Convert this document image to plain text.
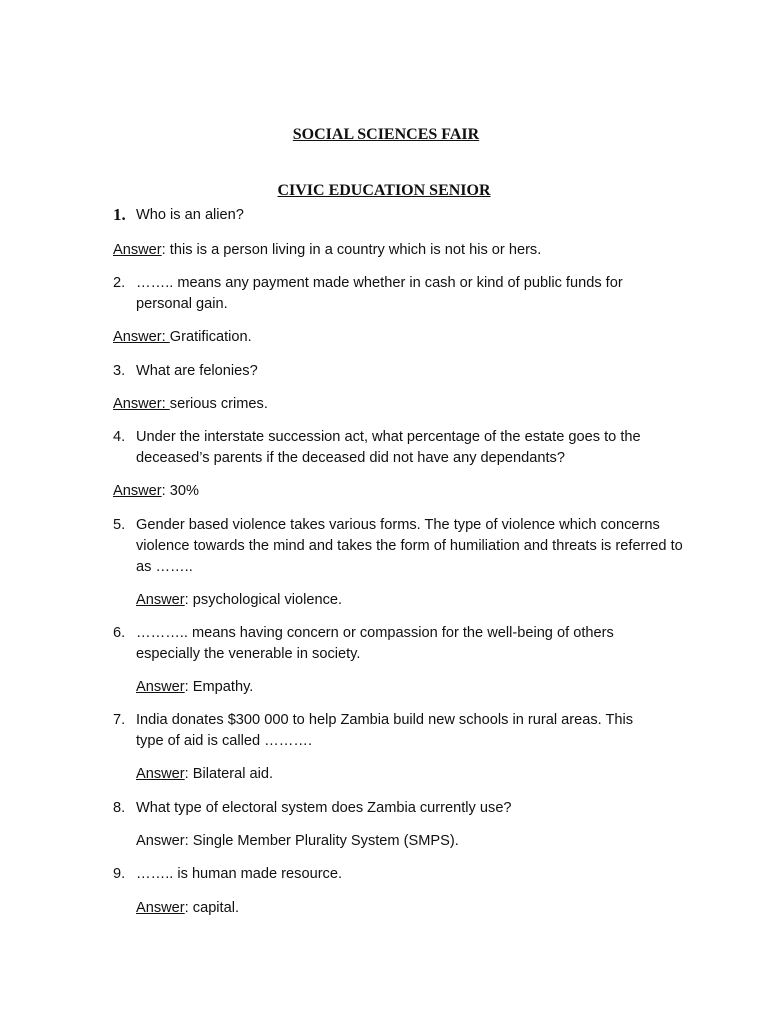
SOCIAL SCIENCES FAIR
CIVIC EDUCATION SENIOR
1. Who is an alien?
Answer: this is a person living in a country which is not his or hers.
2. …….. means any payment made whether in cash or kind of public funds for personal gain.
Answer: Gratification.
3. What are felonies?
Answer: serious crimes.
4. Under the interstate succession act, what percentage of the estate goes to the deceased’s parents if the deceased did not have any dependants?
Answer: 30%
5. Gender based violence takes various forms. The type of violence which concerns violence towards the mind and takes the form of humiliation and threats is referred to as ……..
Answer: psychological violence.
6. ……….. means having concern or compassion for the well-being of others especially the venerable in society.
Answer: Empathy.
7. India donates $300 000 to help Zambia build new schools in rural areas. This type of aid is called ……….
Answer: Bilateral aid.
8. What type of electoral system does Zambia currently use?
Answer: Single Member Plurality System (SMPS).
9. …….. is human made resource.
Answer: capital.
